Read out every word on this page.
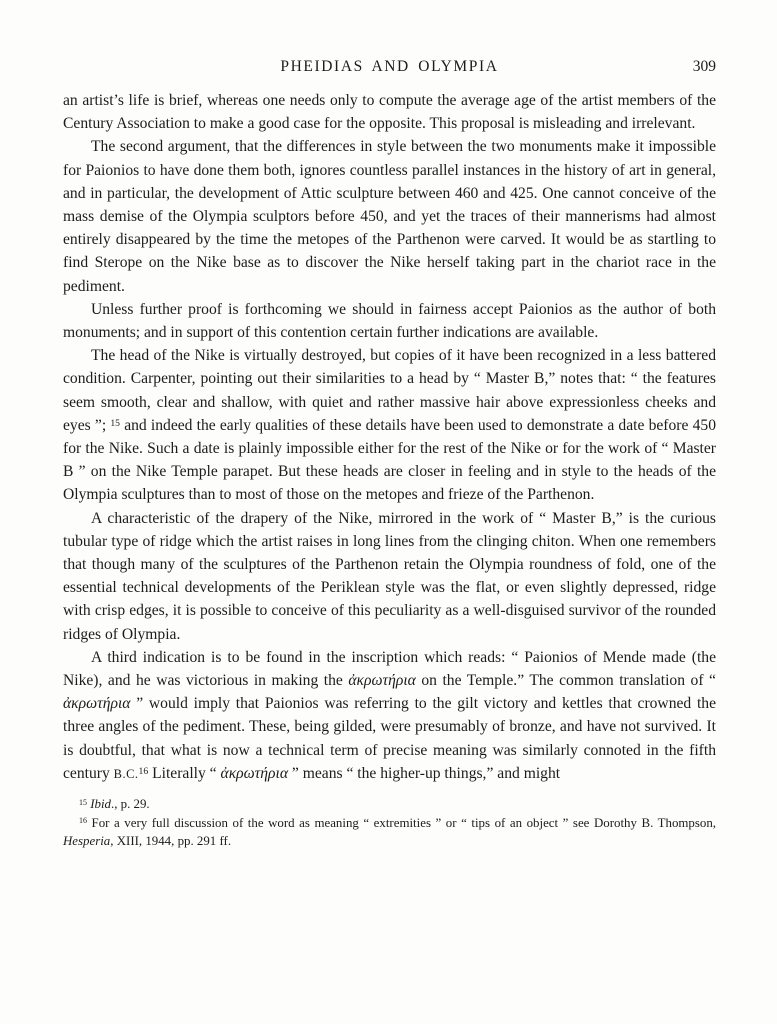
PHEIDIAS AND OLYMPIA	309

an artist’s life is brief, whereas one needs only to compute the average age of the artist members of the Century Association to make a good case for the opposite. This proposal is misleading and irrelevant.

The second argument, that the differences in style between the two monuments make it impossible for Paionios to have done them both, ignores countless parallel instances in the history of art in general, and in particular, the development of Attic sculpture between 460 and 425. One cannot conceive of the mass demise of the Olympia sculptors before 450, and yet the traces of their mannerisms had almost entirely disappeared by the time the metopes of the Parthenon were carved. It would be as startling to find Sterope on the Nike base as to discover the Nike herself taking part in the chariot race in the pediment.

Unless further proof is forthcoming we should in fairness accept Paionios as the author of both monuments; and in support of this contention certain further indications are available.

The head of the Nike is virtually destroyed, but copies of it have been recognized in a less battered condition. Carpenter, pointing out their similarities to a head by “ Master B,” notes that: “ the features seem smooth, clear and shallow, with quiet and rather massive hair above expressionless cheeks and eyes ”; $^{15}$ and indeed the early qualities of these details have been used to demonstrate a date before 450 for the Nike. Such a date is plainly impossible either for the rest of the Nike or for the work of “ Master B ” on the Nike Temple parapet. But these heads are closer in feeling and in style to the heads of the Olympia sculptures than to most of those on the metopes and frieze of the Parthenon.

A characteristic of the drapery of the Nike, mirrored in the work of “ Master B,” is the curious tubular type of ridge which the artist raises in long lines from the clinging chiton. When one remembers that though many of the sculptures of the Parthenon retain the Olympia roundness of fold, one of the essential technical developments of the Periklean style was the flat, or even slightly depressed, ridge with crisp edges, it is possible to conceive of this peculiarity as a well-disguised survivor of the rounded ridges of Olympia.

A third indication is to be found in the inscription which reads: “ Paionios of Mende made (the Nike), and he was victorious in making the ἀκρωτήρια on the Temple.” The common translation of “ ἀκρωτήρια ” would imply that Paionios was referring to the gilt victory and kettles that crowned the three angles of the pediment. These, being gilded, were presumably of bronze, and have not survived. It is doubtful, that what is now a technical term of precise meaning was similarly connoted in the fifth century B.C.$^{16}$ Literally “ ἀκρωτήρια ” means “ the higher-up things,” and might

$^{15}$ Ibid., p. 29.

$^{16}$ For a very full discussion of the word as meaning “ extremities ” or “ tips of an object ” see Dorothy B. Thompson, Hesperia, XIII, 1944, pp. 291 ff.
